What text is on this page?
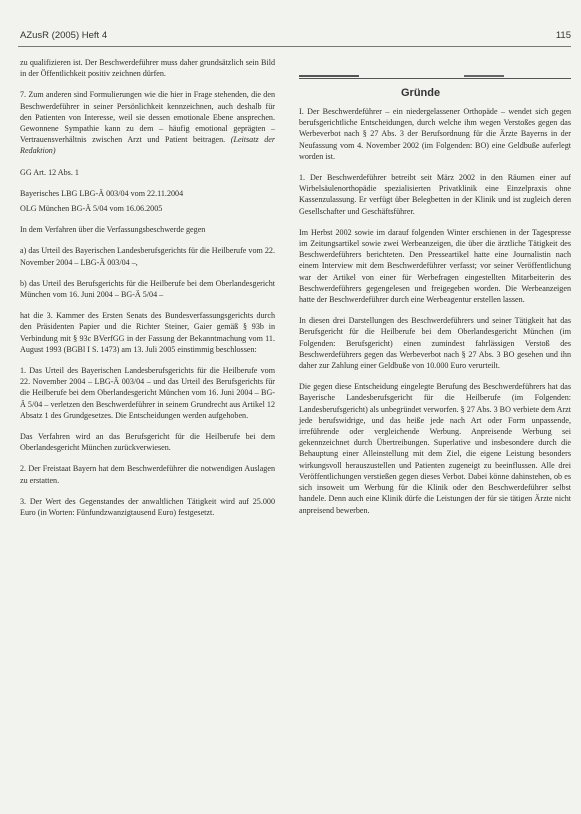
AZusR (2005) Heft 4	115

zu qualifizieren ist. Der Beschwerdeführer muss daher grundsätzlich sein Bild in der Öffentlichkeit positiv zeichnen dürfen.

7. Zum anderen sind Formulierungen wie die hier in Frage stehenden, die den Beschwerdeführer in seiner Persönlichkeit kennzeichnen, auch deshalb für den Patienten von Interesse, weil sie dessen emotionale Ebene ansprechen. Gewonnene Sympathie kann zu dem – häufig emotional geprägten – Vertrauensverhältnis zwischen Arzt und Patient beitragen. (Leitsatz der Redaktion)

GG Art. 12 Abs. 1

Bayerisches LBG LBG-Ä 003/04 vom 22.11.2004

OLG München BG-Ä 5/04 vom 16.06.2005

In dem Verfahren über die Verfassungsbeschwerde gegen

a) das Urteil des Bayerischen Landesberufsgerichts für die Heilberufe vom 22. November 2004 – LBG-Ä 003/04 –,

b) das Urteil des Berufsgerichts für die Heilberufe bei dem Oberlandesgericht München vom 16. Juni 2004 – BG-Ä 5/04 –

hat die 3. Kammer des Ersten Senats des Bundesverfassungsgerichts durch den Präsidenten Papier und die Richter Steiner, Gaier gemäß § 93b in Verbindung mit § 93c BVerfGG in der Fassung der Bekanntmachung vom 11. August 1993 (BGBl I S. 1473) am 13. Juli 2005 einstimmig beschlossen:

1. Das Urteil des Bayerischen Landesberufsgerichts für die Heilberufe vom 22. November 2004 – LBG-Ä 003/04 – und das Urteil des Berufsgerichts für die Heilberufe bei dem Oberlandesgericht München vom 16. Juni 2004 – BG-Ä 5/04 – verletzen den Beschwerdeführer in seinem Grundrecht aus Artikel 12 Absatz 1 des Grundgesetzes. Die Entscheidungen werden aufgehoben.

Das Verfahren wird an das Berufsgericht für die Heilberufe bei dem Oberlandesgericht München zurückverwiesen.

2. Der Freistaat Bayern hat dem Beschwerdeführer die notwendigen Auslagen zu erstatten.

3. Der Wert des Gegenstandes der anwaltlichen Tätigkeit wird auf 25.000 Euro (in Worten: Fünfundzwanzigtausend Euro) festgesetzt.

Gründe

I. Der Beschwerdeführer – ein niedergelassener Orthopäde – wendet sich gegen berufsgerichtliche Entscheidungen, durch welche ihm wegen Verstoßes gegen das Werbeverbot nach § 27 Abs. 3 der Berufsordnung für die Ärzte Bayerns in der Neufassung vom 4. November 2002 (im Folgenden: BO) eine Geldbuße auferlegt worden ist.

1. Der Beschwerdeführer betreibt seit März 2002 in den Räumen einer auf Wirbelsäulenorthopädie spezialisierten Privatklinik eine Einzelpraxis ohne Kassenzulassung. Er verfügt über Belegbetten in der Klinik und ist zugleich deren Gesellschafter und Geschäftsführer.

Im Herbst 2002 sowie im darauf folgenden Winter erschienen in der Tagespresse im Zeitungsartikel sowie zwei Werbeanzeigen, die über die ärztliche Tätigkeit des Beschwerdeführers berichteten. Den Presseartikel hatte eine Journalistin nach einem Interview mit dem Beschwerdeführer verfasst; vor seiner Veröffentlichung war der Artikel von einer für Werbefragen eingestellten Mitarbeiterin des Beschwerdeführers gegengelesen und freigegeben worden. Die Werbeanzeigen hatte der Beschwerdeführer durch eine Werbeagentur erstellen lassen.

In diesen drei Darstellungen des Beschwerdeführers und seiner Tätigkeit hat das Berufsgericht für die Heilberufe bei dem Oberlandesgericht München (im Folgenden: Berufsgericht) einen zumindest fahrlässigen Verstoß des Beschwerdeführers gegen das Werbeverbot nach § 27 Abs. 3 BO gesehen und ihn daher zur Zahlung einer Geldbuße von 10.000 Euro verurteilt.

Die gegen diese Entscheidung eingelegte Berufung des Beschwerdeführers hat das Bayerische Landesberufsgericht für die Heilberufe (im Folgenden: Landesberufsgericht) als unbegründet verworfen. § 27 Abs. 3 BO verbiete dem Arzt jede berufswidrige, und das heiße jede nach Art oder Form unpassende, irreführende oder vergleichende Werbung. Anpreisende Werbung sei gekennzeichnet durch Übertreibungen. Superlative und insbesondere durch die Behauptung einer Alleinstellung mit dem Ziel, die eigene Leistung besonders wirkungsvoll herauszustellen und Patienten zugeneigt zu beeinflussen. Alle drei Veröffentlichungen verstießen gegen dieses Verbot. Dabei könne dahinstehen, ob es sich insoweit um Werbung für die Klinik oder den Beschwerdeführer selbst handele. Denn auch eine Klinik dürfe die Leistungen der für sie tätigen Ärzte nicht anpreisend bewerben.
